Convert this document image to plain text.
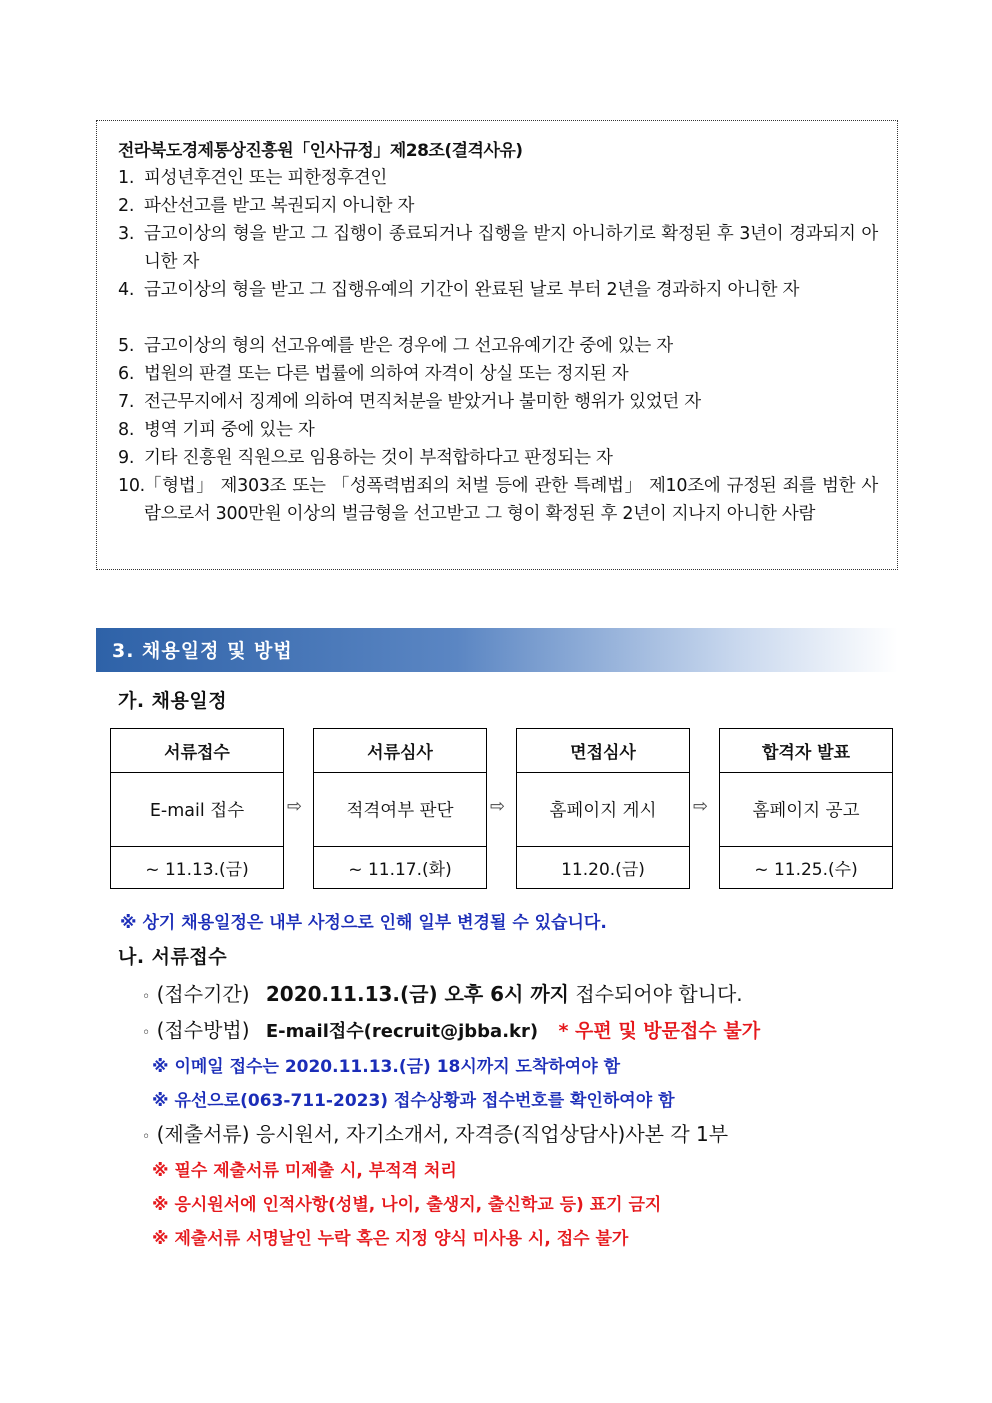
전라북도경제통상진흥원「인사규정」제28조(결격사유)
1. 피성년후견인 또는 피한정후견인
2. 파산선고를 받고 복권되지 아니한 자
3. 금고이상의 형을 받고 그 집행이 종료되거나 집행을 받지 아니하기로 확정된 후 3년이 경과되지 아니한 자
4. 금고이상의 형을 받고 그 집행유예의 기간이 완료된 날로 부터 2년을 경과하지 아니한 자
5. 금고이상의 형의 선고유예를 받은 경우에 그 선고유예기간 중에 있는 자
6. 법원의 판결 또는 다른 법률에 의하여 자격이 상실 또는 정지된 자
7. 전근무지에서 징계에 의하여 면직처분을 받았거나 불미한 행위가 있었던 자
8. 병역 기피 중에 있는 자
9. 기타 진흥원 직원으로 임용하는 것이 부적합하다고 판정되는 자
10. 「형법」 제303조 또는 「성폭력범죄의 처벌 등에 관한 특례법」 제10조에 규정된 죄를 범한 사람으로서 300만원 이상의 벌금형을 선고받고 그 형이 확정된 후 2년이 지나지 아니한 사람
3. 채용일정 및 방법
가. 채용일정
서류접수
E-mail 접수
~ 11.13.(금)
⇨
서류심사
적격여부 판단
~ 11.17.(화)
⇨
면접심사
홈페이지 게시
11.20.(금)
⇨
합격자 발표
홈페이지 공고
~ 11.25.(수)
※ 상기 채용일정은 내부 사정으로 인해 일부 변경될 수 있습니다.
나. 서류접수
◦ (접수기간) 2020.11.13.(금) 오후 6시 까지 접수되어야 합니다.
◦ (접수방법) E-mail접수(recruit@jbba.kr) * 우편 및 방문접수 불가
※ 이메일 접수는 2020.11.13.(금) 18시까지 도착하여야 함
※ 유선으로(063-711-2023) 접수상황과 접수번호를 확인하여야 함
◦ (제출서류) 응시원서, 자기소개서, 자격증(직업상담사)사본 각 1부
※ 필수 제출서류 미제출 시, 부적격 처리
※ 응시원서에 인적사항(성별, 나이, 출생지, 출신학교 등) 표기 금지
※ 제출서류 서명날인 누락 혹은 지정 양식 미사용 시, 접수 불가
